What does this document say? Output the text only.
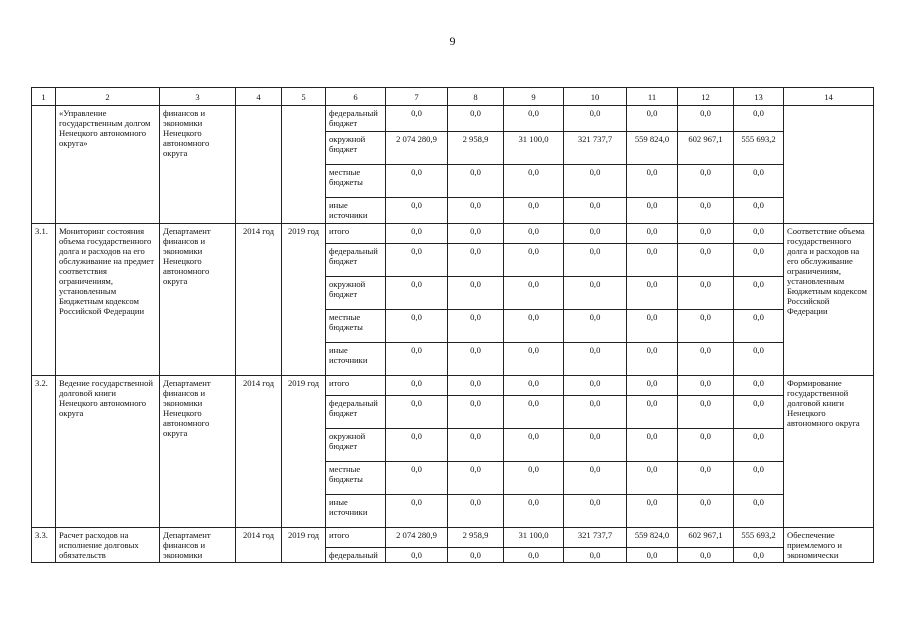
9
1	2	3	4	5	6	7	8	9	10	11	12	13	14
	«Управление государственным долгом Ненецкого автономного округа»	финансов и экономики Ненецкого автономного округа			федеральный бюджет	0,0	0,0	0,0	0,0	0,0	0,0	0,0	
					окружной бюджет	2 074 280,9	2 958,9	31 100,0	321 737,7	559 824,0	602 967,1	555 693,2	
					местные бюджеты	0,0	0,0	0,0	0,0	0,0	0,0	0,0	
					иные источники	0,0	0,0	0,0	0,0	0,0	0,0	0,0	
3.1.	Мониторинг состояния объема государственного долга и расходов на его обслуживание на предмет соответствия ограничениям, установленным Бюджетным кодексом Российской Федерации	Департамент финансов и экономики Ненецкого автономного округа	2014 год	2019 год	итого	0,0	0,0	0,0	0,0	0,0	0,0	0,0	Соответствие объема государственного долга и расходов на его обслуживание ограничениям, установленным Бюджетным кодексом Российской Федерации
					федеральный бюджет	0,0	0,0	0,0	0,0	0,0	0,0	0,0	
					окружной бюджет	0,0	0,0	0,0	0,0	0,0	0,0	0,0	
					местные бюджеты	0,0	0,0	0,0	0,0	0,0	0,0	0,0	
					иные источники	0,0	0,0	0,0	0,0	0,0	0,0	0,0	
3.2.	Ведение государственной долговой книги Ненецкого автономного округа	Департамент финансов и экономики Ненецкого автономного округа	2014 год	2019 год	итого	0,0	0,0	0,0	0,0	0,0	0,0	0,0	Формирование государственной долговой книги Ненецкого автономного округа
					федеральный бюджет	0,0	0,0	0,0	0,0	0,0	0,0	0,0	
					окружной бюджет	0,0	0,0	0,0	0,0	0,0	0,0	0,0	
					местные бюджеты	0,0	0,0	0,0	0,0	0,0	0,0	0,0	
					иные источники	0,0	0,0	0,0	0,0	0,0	0,0	0,0	
3.3.	Расчет расходов на исполнение долговых обязательств	Департамент финансов и экономики	2014 год	2019 год	итого	2 074 280,9	2 958,9	31 100,0	321 737,7	559 824,0	602 967,1	555 693,2	Обеспечение приемлемого и экономически
					федеральный	0,0	0,0	0,0	0,0	0,0	0,0	0,0	
